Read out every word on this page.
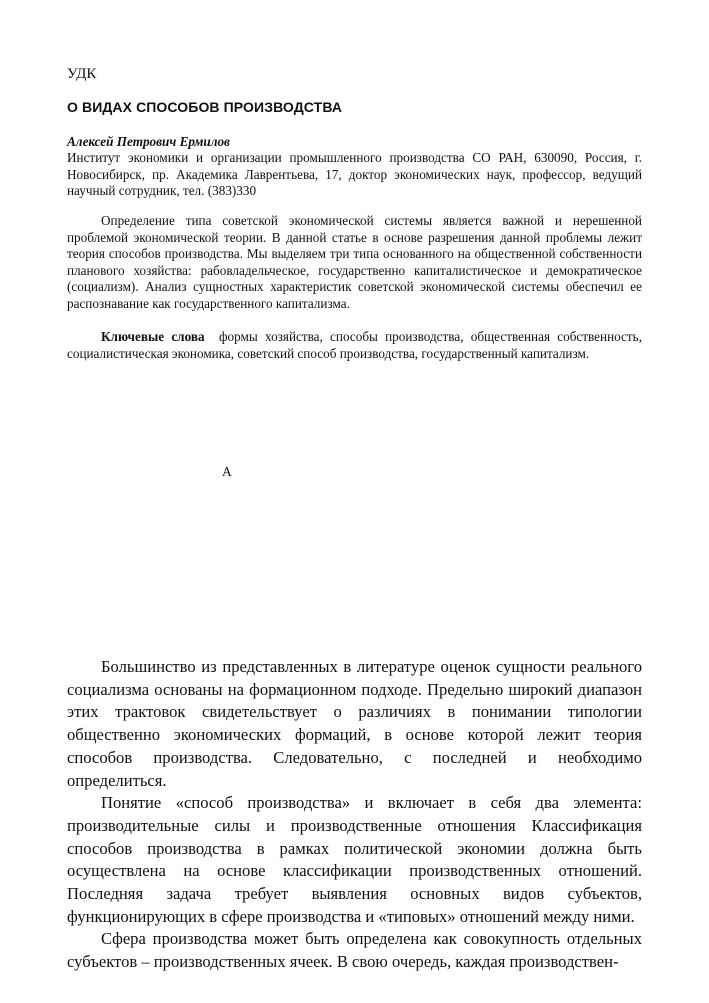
УДК
О ВИДАХ СПОСОБОВ ПРОИЗВОДСТВА
Алексей Петрович Ермилов
Институт экономики и организации промышленного производства СО РАН, 630090, Россия, г. Новосибирск, пр. Академика Лаврентьева, 17, доктор экономических наук, профессор, ведущий научный сотрудник, тел. (383)330
Определение типа советской экономической системы является важной и нерешенной проблемой экономической теории. В данной статье в основе разрешения данной проблемы лежит теория способов производства. Мы выделяем три типа основанного на общественной собственности планового хозяйства: рабовладельческое, государственно капиталистическое и демократическое (социализм). Анализ сущностных характеристик советской экономической системы обеспечил ее распознавание как государственного капитализма.
Ключевые слова формы хозяйства, способы производства, общественная собственность, социалистическая экономика, советский способ производства, государственный капитализм.
А

Большинство из представленных в литературе оценок сущности реального социализма основаны на формационном подходе. Предельно широкий диапазон этих трактовок свидетельствует о различиях в понимании типологии общественно экономических формаций, в основе которой лежит теория способов производства. Следовательно, с последней и необходимо определиться.

Понятие «способ производства» и включает в себя два элемента: производительные силы и производственные отношения Классификация способов производства в рамках политической экономии должна быть осуществлена на основе классификации производственных отношений. Последняя задача требует выявления основных видов субъектов, функционирующих в сфере производства и «типовых» отношений между ними.

Сфера производства может быть определена как совокупность отдельных субъектов – производственных ячеек. В свою очередь, каждая производствен-
